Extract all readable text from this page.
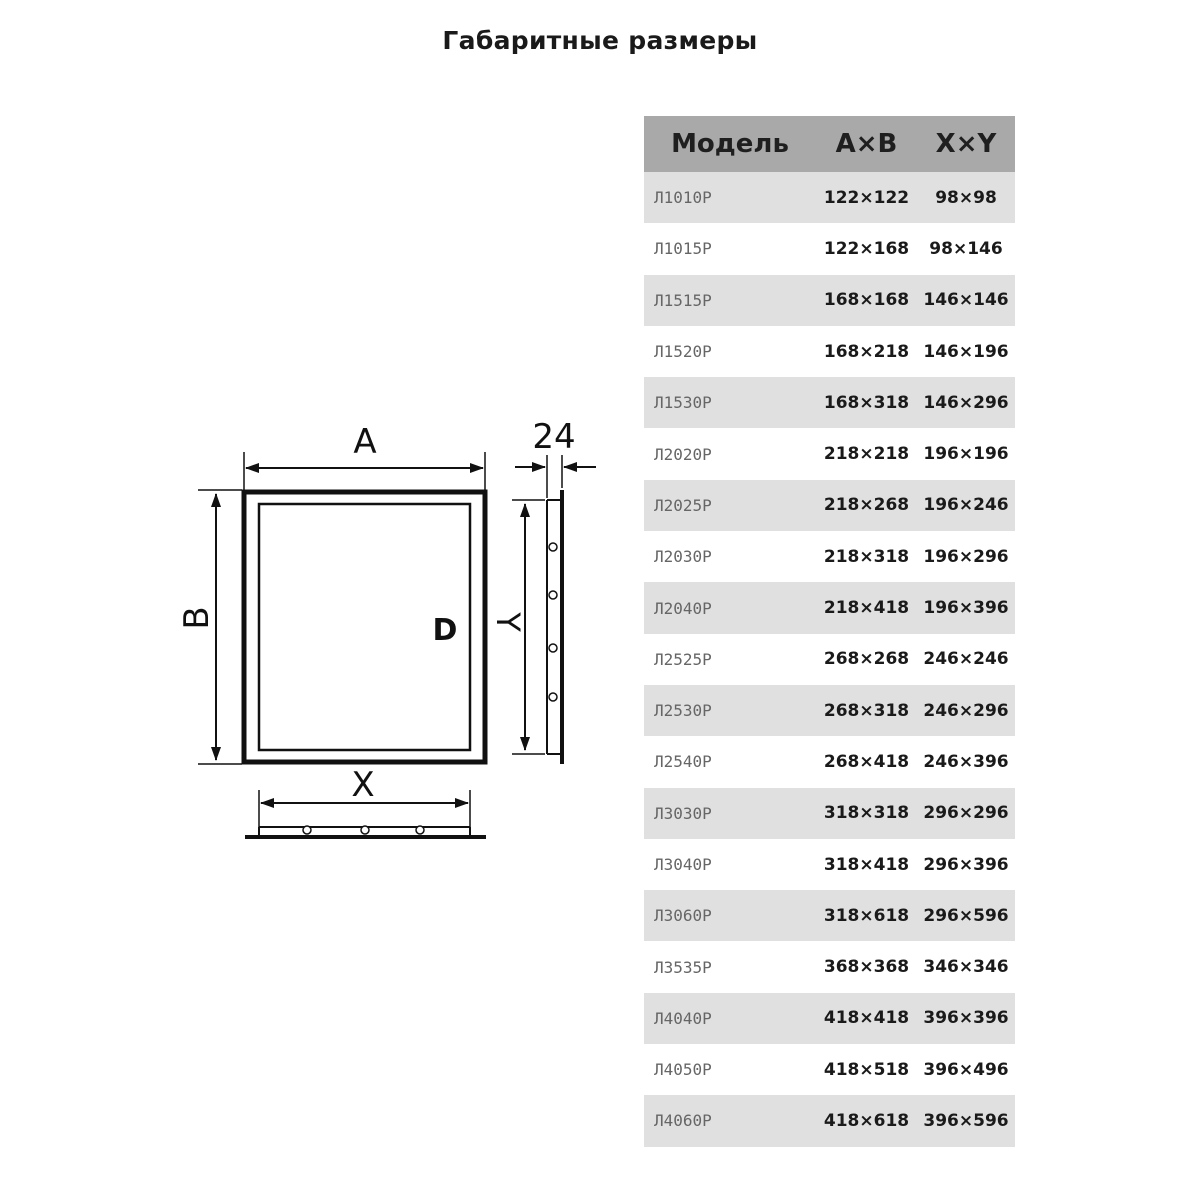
Габаритные размеры
D
A
B
X
24
Y
Модель	A×B	X×Y
Л1010Р	122×122	98×98
Л1015Р	122×168	98×146
Л1515Р	168×168	146×146
Л1520Р	168×218	146×196
Л1530Р	168×318	146×296
Л2020Р	218×218	196×196
Л2025Р	218×268	196×246
Л2030Р	218×318	196×296
Л2040Р	218×418	196×396
Л2525Р	268×268	246×246
Л2530Р	268×318	246×296
Л2540Р	268×418	246×396
Л3030Р	318×318	296×296
Л3040Р	318×418	296×396
Л3060Р	318×618	296×596
Л3535Р	368×368	346×346
Л4040Р	418×418	396×396
Л4050Р	418×518	396×496
Л4060Р	418×618	396×596
